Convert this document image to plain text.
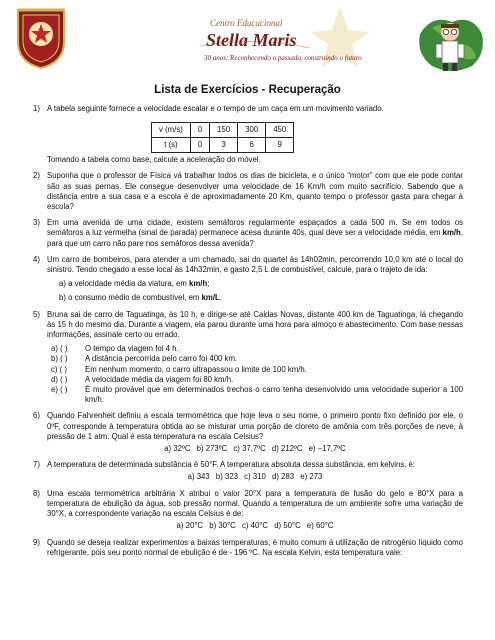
Centro Educacional
Stella Maris
30 anos: Reconhecendo o passado, construindo o futuro
Lista de Exercícios - Recuperação
1) A tabela seguinte fornece a velocidade escalar e o tempo de um caça em um movimento variado.
v (m/s)	0	150	300	450
t (s)	0	3	6	9
Tomando a tabela como base, calcule a aceleração do móvel.
2) Suponha que o professor de Física vá trabalhar todos os dias de bicicleta, e o único “motor” com que ele pode contar são as suas pernas. Ele consegue desenvolver uma velocidade de 16 Km/h com muito sacrifício. Sabendo que a distância entre a sua casa e a escola é de aproximadamente 20 Km, quanto tempo o professor gasta para chegar à escola?
3) Em uma avenida de uma cidade, existem semáforos regularmente espaçados a cada 500 m. Se em todos os semáforos a luz vermelha (sinal de parada) permanece acesa durante 40s, qual deve ser a velocidade média, em km/h, para que um carro não pare nos semáforos dessa avenida?
4) Um carro de bombeiros, para atender a um chamado, sai do quartel às 14h02min, percorrendo 10,0 km até o local do sinistro. Tendo chegado a esse local às 14h32min, e gasto 2,5 L de combustível, calcule, para o trajeto de ida:
a) a velocidade média da viatura, em km/h;
b) o consumo médio de combustível, em km/L.
5) Bruna sai de carro de Taguatinga, às 10 h, e dirige-se até Caldas Novas, distante 400 km de Taguatinga, lá chegando às 15 h do mesmo dia. Durante a viagem, ela parou durante uma hora para almoço e abastecimento. Com base nessas informações, assinale certo ou errado.
a) ( ) O tempo da viagem foi 4 h.
b) ( ) A distância percorrida pelo carro foi 400 km.
c) ( ) Em nenhum momento, o carro ultrapassou o limite de 100 km/h.
d) ( ) A velocidade média da viagem foi 80 km/h.
e) ( ) É muito provável que em determinados trechos o carro tenha desenvolvido uma velocidade superior a 100 km/h.
6) Quando Fahrenheit definiu a escala termométrica que hoje leva o seu nome, o primeiro ponto fixo definido por ele, o 0ºF, corresponde à temperatura obtida ao se misturar uma porção de cloreto de amônia com três porções de neve, à pressão de 1 atm. Qual é esta temperatura na escala Celsius?
a) 32ºC b) 273ºC c) 37,7ºC d) 212ºC e) –17,7ºC
7) A temperatura de determinada substância é 50°F. A temperatura absoluta dessa substância, em kelvins, é:
a) 343 b) 323 c) 310 d) 283 e) 273
8) Uma escala termométrica arbitrária X atribui o valor 20°X para a temperatura de fusão do gelo e 80°X para a temperatura de ebulição da água, sob pressão normal. Quando a temperatura de um ambiente sofre uma variação de 30°X, a correspondente variação na escala Celsius é de:
a) 20°C b) 30°C c) 40°C d) 50°C e) 60°C
9) Quando se deseja realizar experimentos a baixas temperaturas, é muito comum à utilização de nitrogênio líquido como refrigerante, pois seu ponto normal de ebulição é de - 196 ºC. Na escala Kelvin, esta temperatura vale:
